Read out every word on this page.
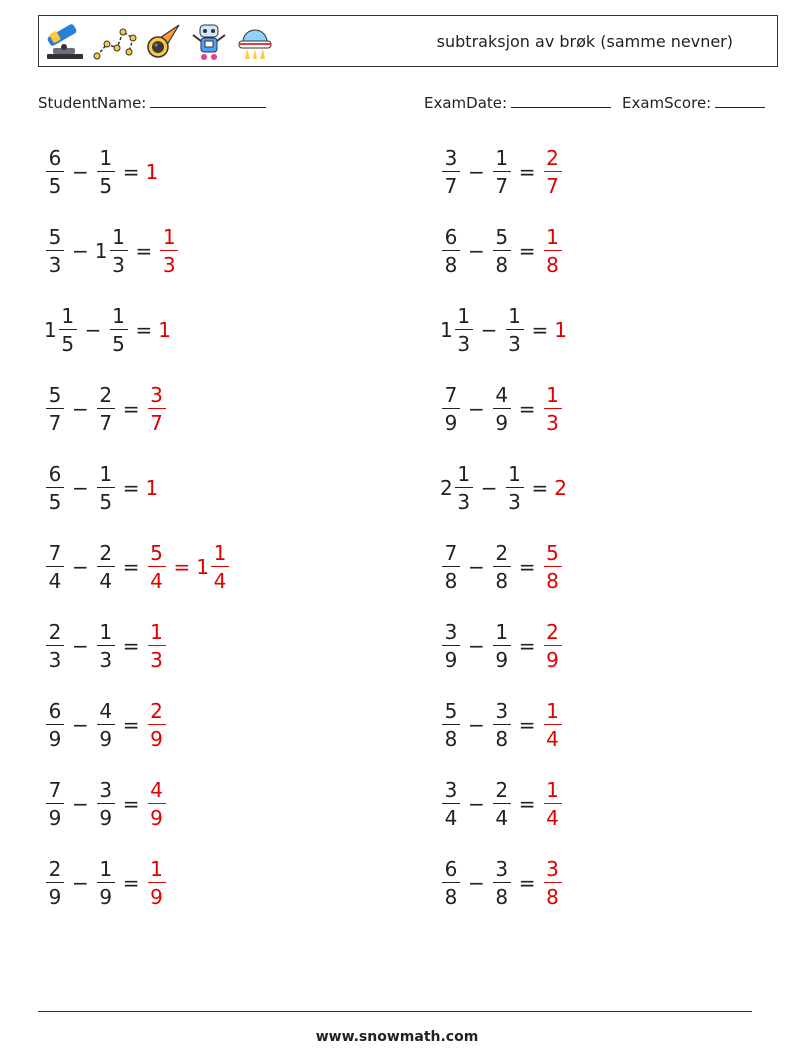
subtraksjon av brøk (samme nevner)
StudentName:	ExamDate:	ExamScore:
$\frac{6}{5} - \frac{1}{5} = 1$	$\frac{3}{7} - \frac{1}{7} = \frac{2}{7}$
$\frac{5}{3} - 1 \frac{1}{3} = \frac{1}{3}$	$\frac{6}{8} - \frac{5}{8} = \frac{1}{8}$
$1 \frac{1}{5} - \frac{1}{5} = 1$	$1 \frac{1}{3} - \frac{1}{3} = 1$
$\frac{5}{7} - \frac{2}{7} = \frac{3}{7}$	$\frac{7}{9} - \frac{4}{9} = \frac{1}{3}$
$\frac{6}{5} - \frac{1}{5} = 1$	$2 \frac{1}{3} - \frac{1}{3} = 2$
$\frac{7}{4} - \frac{2}{4} = \frac{5}{4} = 1 \frac{1}{4}$	$\frac{7}{8} - \frac{2}{8} = \frac{5}{8}$
$\frac{2}{3} - \frac{1}{3} = \frac{1}{3}$	$\frac{3}{9} - \frac{1}{9} = \frac{2}{9}$
$\frac{6}{9} - \frac{4}{9} = \frac{2}{9}$	$\frac{5}{8} - \frac{3}{8} = \frac{1}{4}$
$\frac{7}{9} - \frac{3}{9} = \frac{4}{9}$	$\frac{3}{4} - \frac{2}{4} = \frac{1}{4}$
$\frac{2}{9} - \frac{1}{9} = \frac{1}{9}$	$\frac{6}{8} - \frac{3}{8} = \frac{3}{8}$
www.snowmath.com
